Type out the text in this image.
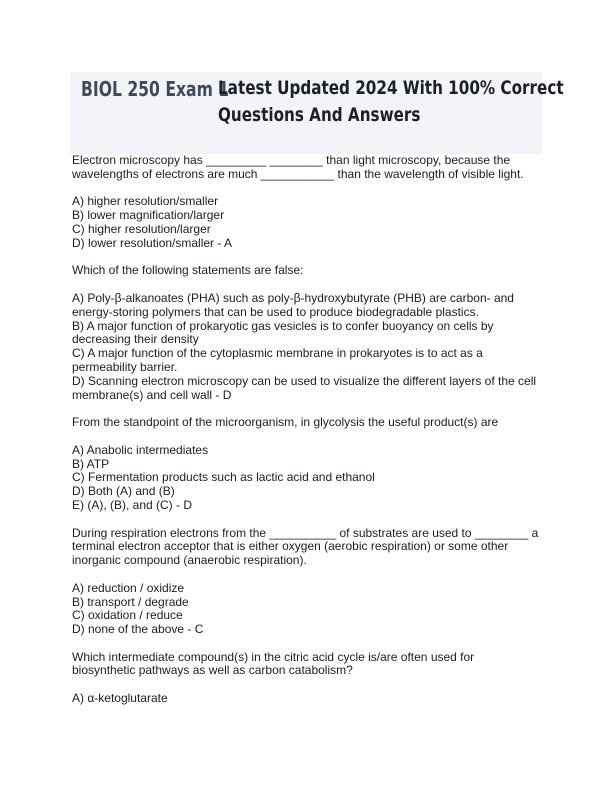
BIOL 250 Exam 1
Latest Updated 2024 With 100% Correct
Questions And Answers
Electron microscopy has _________ ________ than light microscopy, because the
wavelengths of electrons are much ___________ than the wavelength of visible light.
A) higher resolution/smaller
B) lower magnification/larger
C) higher resolution/larger
D) lower resolution/smaller - A
Which of the following statements are false:
A) Poly-β-alkanoates (PHA) such as poly-β-hydroxybutyrate (PHB) are carbon- and
energy-storing polymers that can be used to produce biodegradable plastics.
B) A major function of prokaryotic gas vesicles is to confer buoyancy on cells by
decreasing their density
C) A major function of the cytoplasmic membrane in prokaryotes is to act as a
permeability barrier.
D) Scanning electron microscopy can be used to visualize the different layers of the cell
membrane(s) and cell wall - D
From the standpoint of the microorganism, in glycolysis the useful product(s) are
A) Anabolic intermediates
B) ATP
C) Fermentation products such as lactic acid and ethanol
D) Both (A) and (B)
E) (A), (B), and (C) - D
During respiration electrons from the __________ of substrates are used to ________ a
terminal electron acceptor that is either oxygen (aerobic respiration) or some other
inorganic compound (anaerobic respiration).
A) reduction / oxidize
B) transport / degrade
C) oxidation / reduce
D) none of the above - C
Which intermediate compound(s) in the citric acid cycle is/are often used for
biosynthetic pathways as well as carbon catabolism?
A) α-ketoglutarate
